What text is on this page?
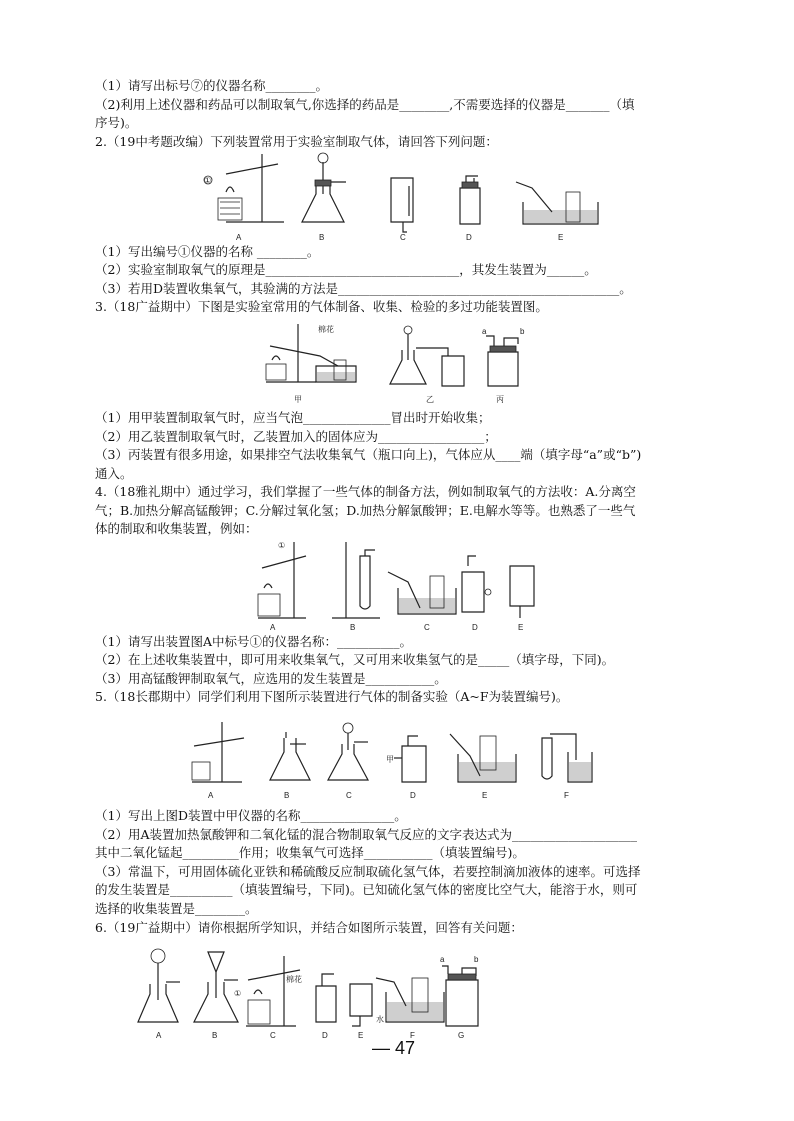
（1）请写出标号⑦的仪器名称________。
（2)利用上述仪器和药品可以制取氧气,你选择的药品是________,不需要选择的仪器是_______（填
序号)。
2.（19中考题改编）下列装置常用于实验室制取气体，请回答下列问题：
A	B	C	D	E
①
（1）写出编号①仪器的名称 ________。
（2）实验室制取氧气的原理是_______________________________，其发生装置为______。
（3）若用D装置收集氧气，其验满的方法是_____________________________________________。
3.（18广益期中）下图是实验室常用的气体制备、收集、检验的多过功能装置图。
棉花	a	b
甲	乙	丙
（1）用甲装置制取氧气时，应当气泡______________冒出时开始收集；
（2）用乙装置制取氧气时，乙装置加入的固体应为_________________；
（3）丙装置有很多用途，如果排空气法收集氧气（瓶口向上)，气体应从____端（填字母“a”或“b”)
通入。
4.（18雅礼期中）通过学习，我们掌握了一些气体的制备方法，例如制取氧气的方法收：A.分离空
气；B.加热分解高锰酸钾；C.分解过氧化氢；D.加热分解氯酸钾；E.电解水等等。也熟悉了一些气
体的制取和收集装置，例如：
A	B	C	D	E
①
（1）请写出装置图A中标号①的仪器名称：__________。
（2）在上述收集装置中，即可用来收集氧气，又可用来收集氢气的是_____（填字母，下同)。
（3）用高锰酸钾制取氧气，应选用的发生装置是___________。
5.（18长郡期中）同学们利用下图所示装置进行气体的制备实验（A~F为装置编号)。
A	B	C	D	E	F
甲
（1）写出上图D装置中甲仪器的名称_______________。
（2）用A装置加热氯酸钾和二氧化锰的混合物制取氧气反应的文字表达式为____________________
其中二氧化锰起_________作用；收集氧气可选择___________（填装置编号)。
（3）常温下，可用固体硫化亚铁和稀硫酸反应制取硫化氢气体，若要控制滴加液体的速率。可选择
的发生装置是__________（填装置编号，下同)。已知硫化氢气体的密度比空气大，能溶于水，则可
选择的收集装置是________。
6.（19广益期中）请你根据所学知识，并结合如图所示装置，回答有关问题：
A	B	C	D	E	F	G
①
棉花
水
a	b
— 47
